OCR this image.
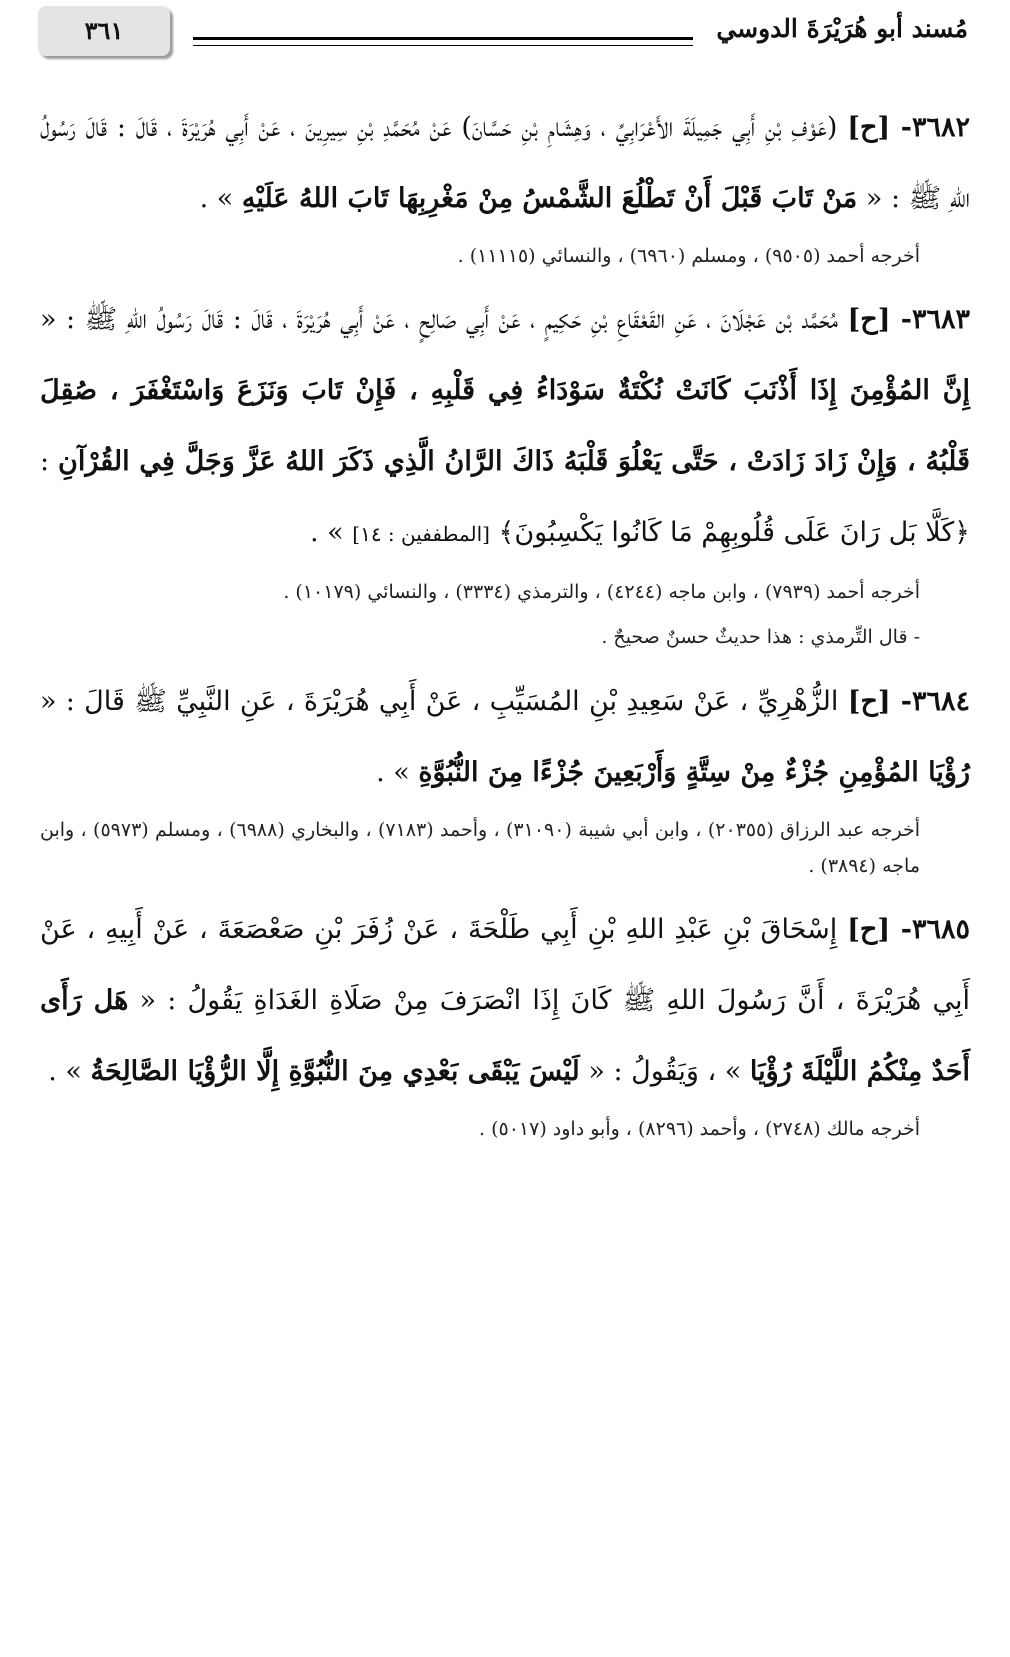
٣٦١	مُسند أبو هُرَيْرَةَ الدوسي

٣٦٨٢- [ح] (عَوْفِ بْنِ أَبِي جَمِيلَةَ الأَعْرَابِيِّ ، وَهِشَامِ بْنِ حَسَّانَ) عَنْ مُحَمَّدِ بْنِ سِيرِينَ ، عَنْ أَبِي هُرَيْرَةَ ، قَالَ : قَالَ رَسُولُ اللهِ ﷺ : « مَنْ تَابَ قَبْلَ أَنْ تَطْلُعَ الشَّمْسُ مِنْ مَغْرِبِهَا تَابَ اللهُ عَلَيْهِ » .

أخرجه أحمد (٩٥٠٥) ، ومسلم (٦٩٦٠) ، والنسائي (١١١١٥) .

٣٦٨٣- [ح] مُحَمَّد بْن عَجْلَانَ ، عَنِ القَعْقَاعِ بْنِ حَكِيمٍ ، عَنْ أَبِي صَالِحٍ ، عَنْ أَبِي هُرَيْرَةَ ، قَالَ : قَالَ رَسُولُ اللهِ ﷺ : « إِنَّ المُؤْمِنَ إِذَا أَذْنَبَ كَانَتْ نُكْتَةٌ سَوْدَاءُ فِي قَلْبِهِ ، فَإِنْ تَابَ وَنَزَعَ وَاسْتَغْفَرَ ، صُقِلَ قَلْبُهُ ، وَإِنْ زَادَ زَادَتْ ، حَتَّى يَعْلُوَ قَلْبَهُ ذَاكَ الرَّانُ الَّذِي ذَكَرَ اللهُ عَزَّ وَجَلَّ فِي القُرْآنِ : ﴿كَلَّا بَل رَانَ عَلَى قُلُوبِهِمْ مَا كَانُوا يَكْسِبُونَ﴾ [المطففين : ١٤] » .

أخرجه أحمد (٧٩٣٩) ، وابن ماجه (٤٢٤٤) ، والترمذي (٣٣٣٤) ، والنسائي (١٠١٧٩) .

- قال التِّرمذي : هذا حديثٌ حسنٌ صحيحٌ .

٣٦٨٤- [ح] الزُّهْرِيِّ ، عَنْ سَعِيدِ بْنِ المُسَيِّبِ ، عَنْ أَبِي هُرَيْرَةَ ، عَنِ النَّبِيِّ ﷺ قَالَ : « رُؤْيَا المُؤْمِنِ جُزْءٌ مِنْ سِتَّةٍ وَأَرْبَعِينَ جُزْءًا مِنَ النُّبُوَّةِ » .

أخرجه عبد الرزاق (٢٠٣٥٥) ، وابن أبي شيبة (٣١٠٩٠) ، وأحمد (٧١٨٣) ، والبخاري (٦٩٨٨) ، ومسلم (٥٩٧٣) ، وابن ماجه (٣٨٩٤) .

٣٦٨٥- [ح] إِسْحَاقَ بْنِ عَبْدِ اللهِ بْنِ أَبِي طَلْحَةَ ، عَنْ زُفَرَ بْنِ صَعْصَعَةَ ، عَنْ أَبِيهِ ، عَنْ أَبِي هُرَيْرَةَ ، أَنَّ رَسُولَ اللهِ ﷺ كَانَ إِذَا انْصَرَفَ مِنْ صَلَاةِ الغَدَاةِ يَقُولُ : « هَل رَأَى أَحَدٌ مِنْكُمُ اللَّيْلَةَ رُؤْيَا » ، وَيَقُولُ : « لَيْسَ يَبْقَى بَعْدِي مِنَ النُّبُوَّةِ إِلَّا الرُّؤْيَا الصَّالِحَةُ » .

أخرجه مالك (٢٧٤٨) ، وأحمد (٨٢٩٦) ، وأبو داود (٥٠١٧) .
